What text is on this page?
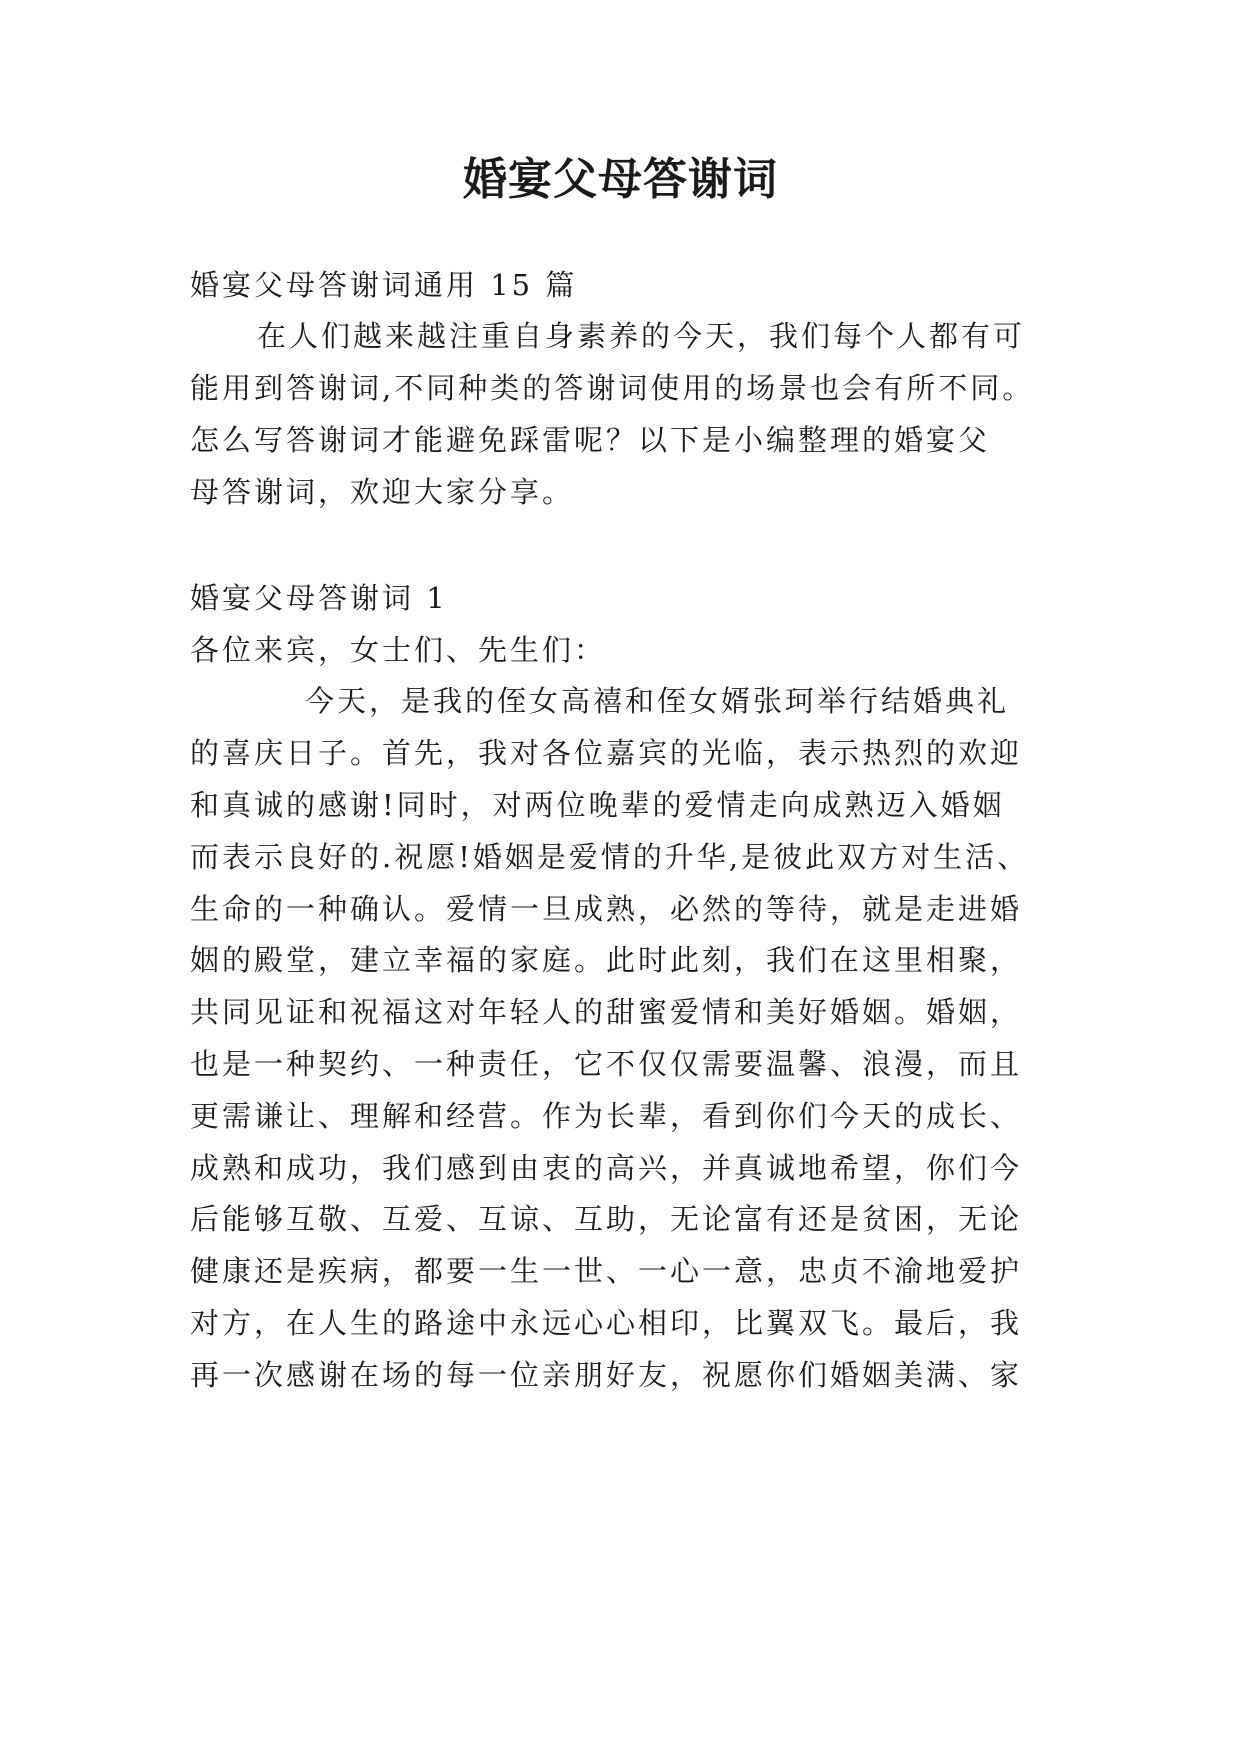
婚宴父母答谢词
婚宴父母答谢词通用 15 篇
在人们越来越注重自身素养的今天，我们每个人都有可
能用到答谢词,不同种类的答谢词使用的场景也会有所不同。
怎么写答谢词才能避免踩雷呢？以下是小编整理的婚宴父
母答谢词，欢迎大家分享。
婚宴父母答谢词 1
各位来宾，女士们、先生们：
今天，是我的侄女高禧和侄女婿张珂举行结婚典礼
的喜庆日子。首先，我对各位嘉宾的光临，表示热烈的欢迎
和真诚的感谢!同时，对两位晚辈的爱情走向成熟迈入婚姻
而表示良好的.祝愿!婚姻是爱情的升华,是彼此双方对生活、
生命的一种确认。爱情一旦成熟，必然的等待，就是走进婚
姻的殿堂，建立幸福的家庭。此时此刻，我们在这里相聚，
共同见证和祝福这对年轻人的甜蜜爱情和美好婚姻。婚姻，
也是一种契约、一种责任，它不仅仅需要温馨、浪漫，而且
更需谦让、理解和经营。作为长辈，看到你们今天的成长、
成熟和成功，我们感到由衷的高兴，并真诚地希望，你们今
后能够互敬、互爱、互谅、互助，无论富有还是贫困，无论
健康还是疾病，都要一生一世、一心一意，忠贞不渝地爱护
对方，在人生的路途中永远心心相印，比翼双飞。最后，我
再一次感谢在场的每一位亲朋好友，祝愿你们婚姻美满、家
